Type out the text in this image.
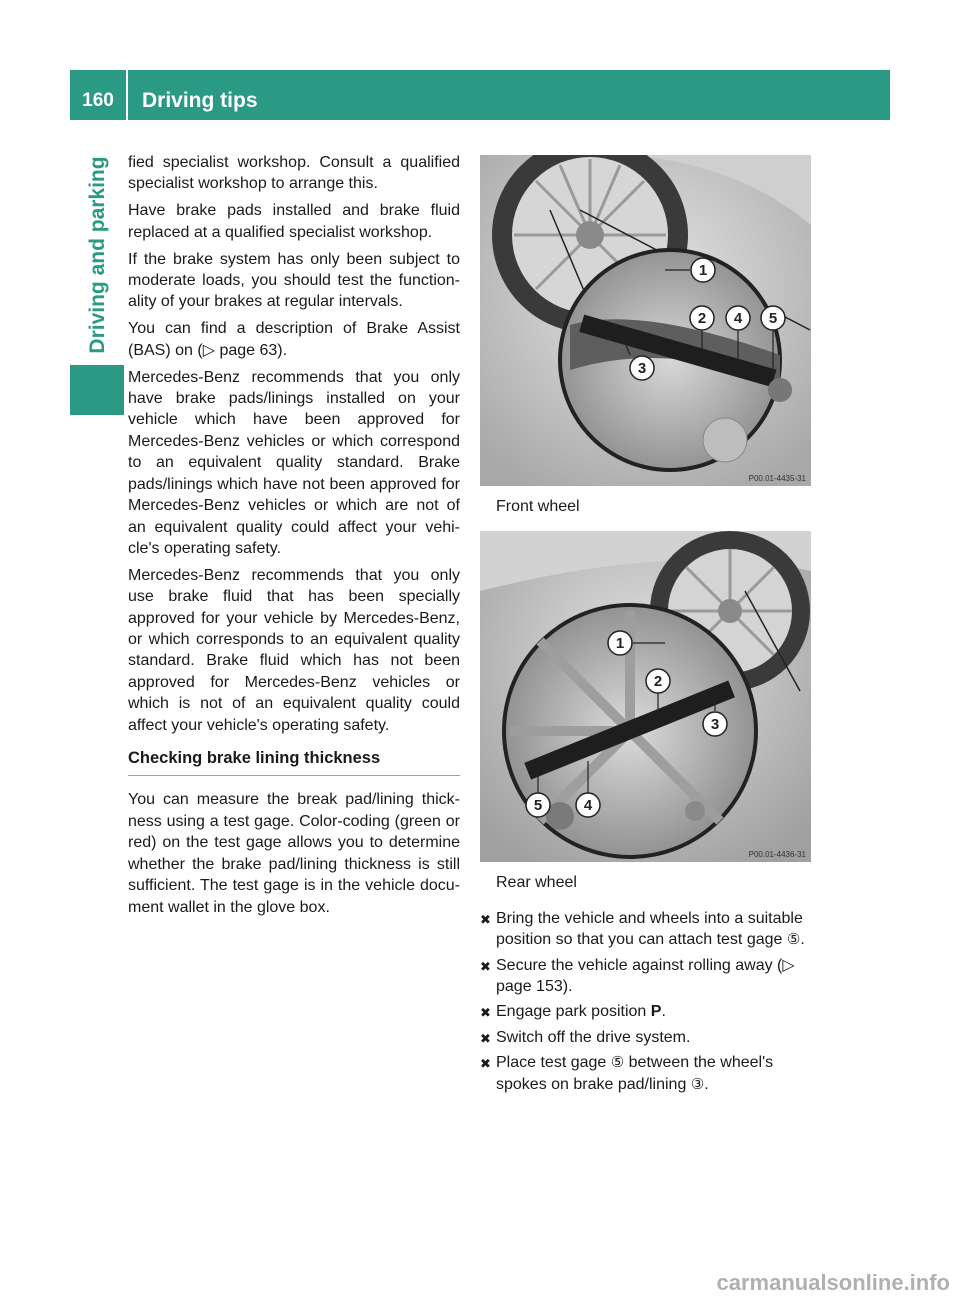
160	Driving tips
Driving and parking fied specialist workshop. Consult a qualified specialist workshop to arrange this.

Have brake pads installed and brake fluid replaced at a qualified specialist workshop.

If the brake system has only been subject to moderate loads, you should test the functionality of your brakes at regular intervals.

You can find a description of Brake Assist (BAS) on (▷ page 63).

Mercedes-Benz recommends that you only have brake pads/linings installed on your vehicle which have been approved for Mercedes-Benz vehicles or which correspond to an equivalent quality standard. Brake pads/linings which have not been approved for Mercedes-Benz vehicles or which are not of an equivalent quality could affect your vehicle's operating safety.

Mercedes-Benz recommends that you only use brake fluid that has been specially approved for your vehicle by Mercedes-Benz, or which corresponds to an equivalent quality standard. Brake fluid which has not been approved for Mercedes-Benz vehicles or which is not of an equivalent quality could affect your vehicle's operating safety.

Checking brake lining thickness

You can measure the break pad/lining thickness using a test gage. Color-coding (green or red) on the test gage allows you to determine whether the brake pad/lining thickness is still sufficient. The test gage is in the vehicle document wallet in the glove box.

1
2
3
4 5
P00.01-4435-31
Front wheel
1
2
3
4
5
P00.01-4436-31
Rear wheel
✖ Bring the vehicle and wheels into a suitable position so that you can attach test gage ⑤.
✖ Secure the vehicle against rolling away (▷ page 153).
✖ Engage park position P.
✖ Switch off the drive system.
✖ Place test gage ⑤ between the wheel's spokes on brake pad/lining ③.
carmanualsonline.info
